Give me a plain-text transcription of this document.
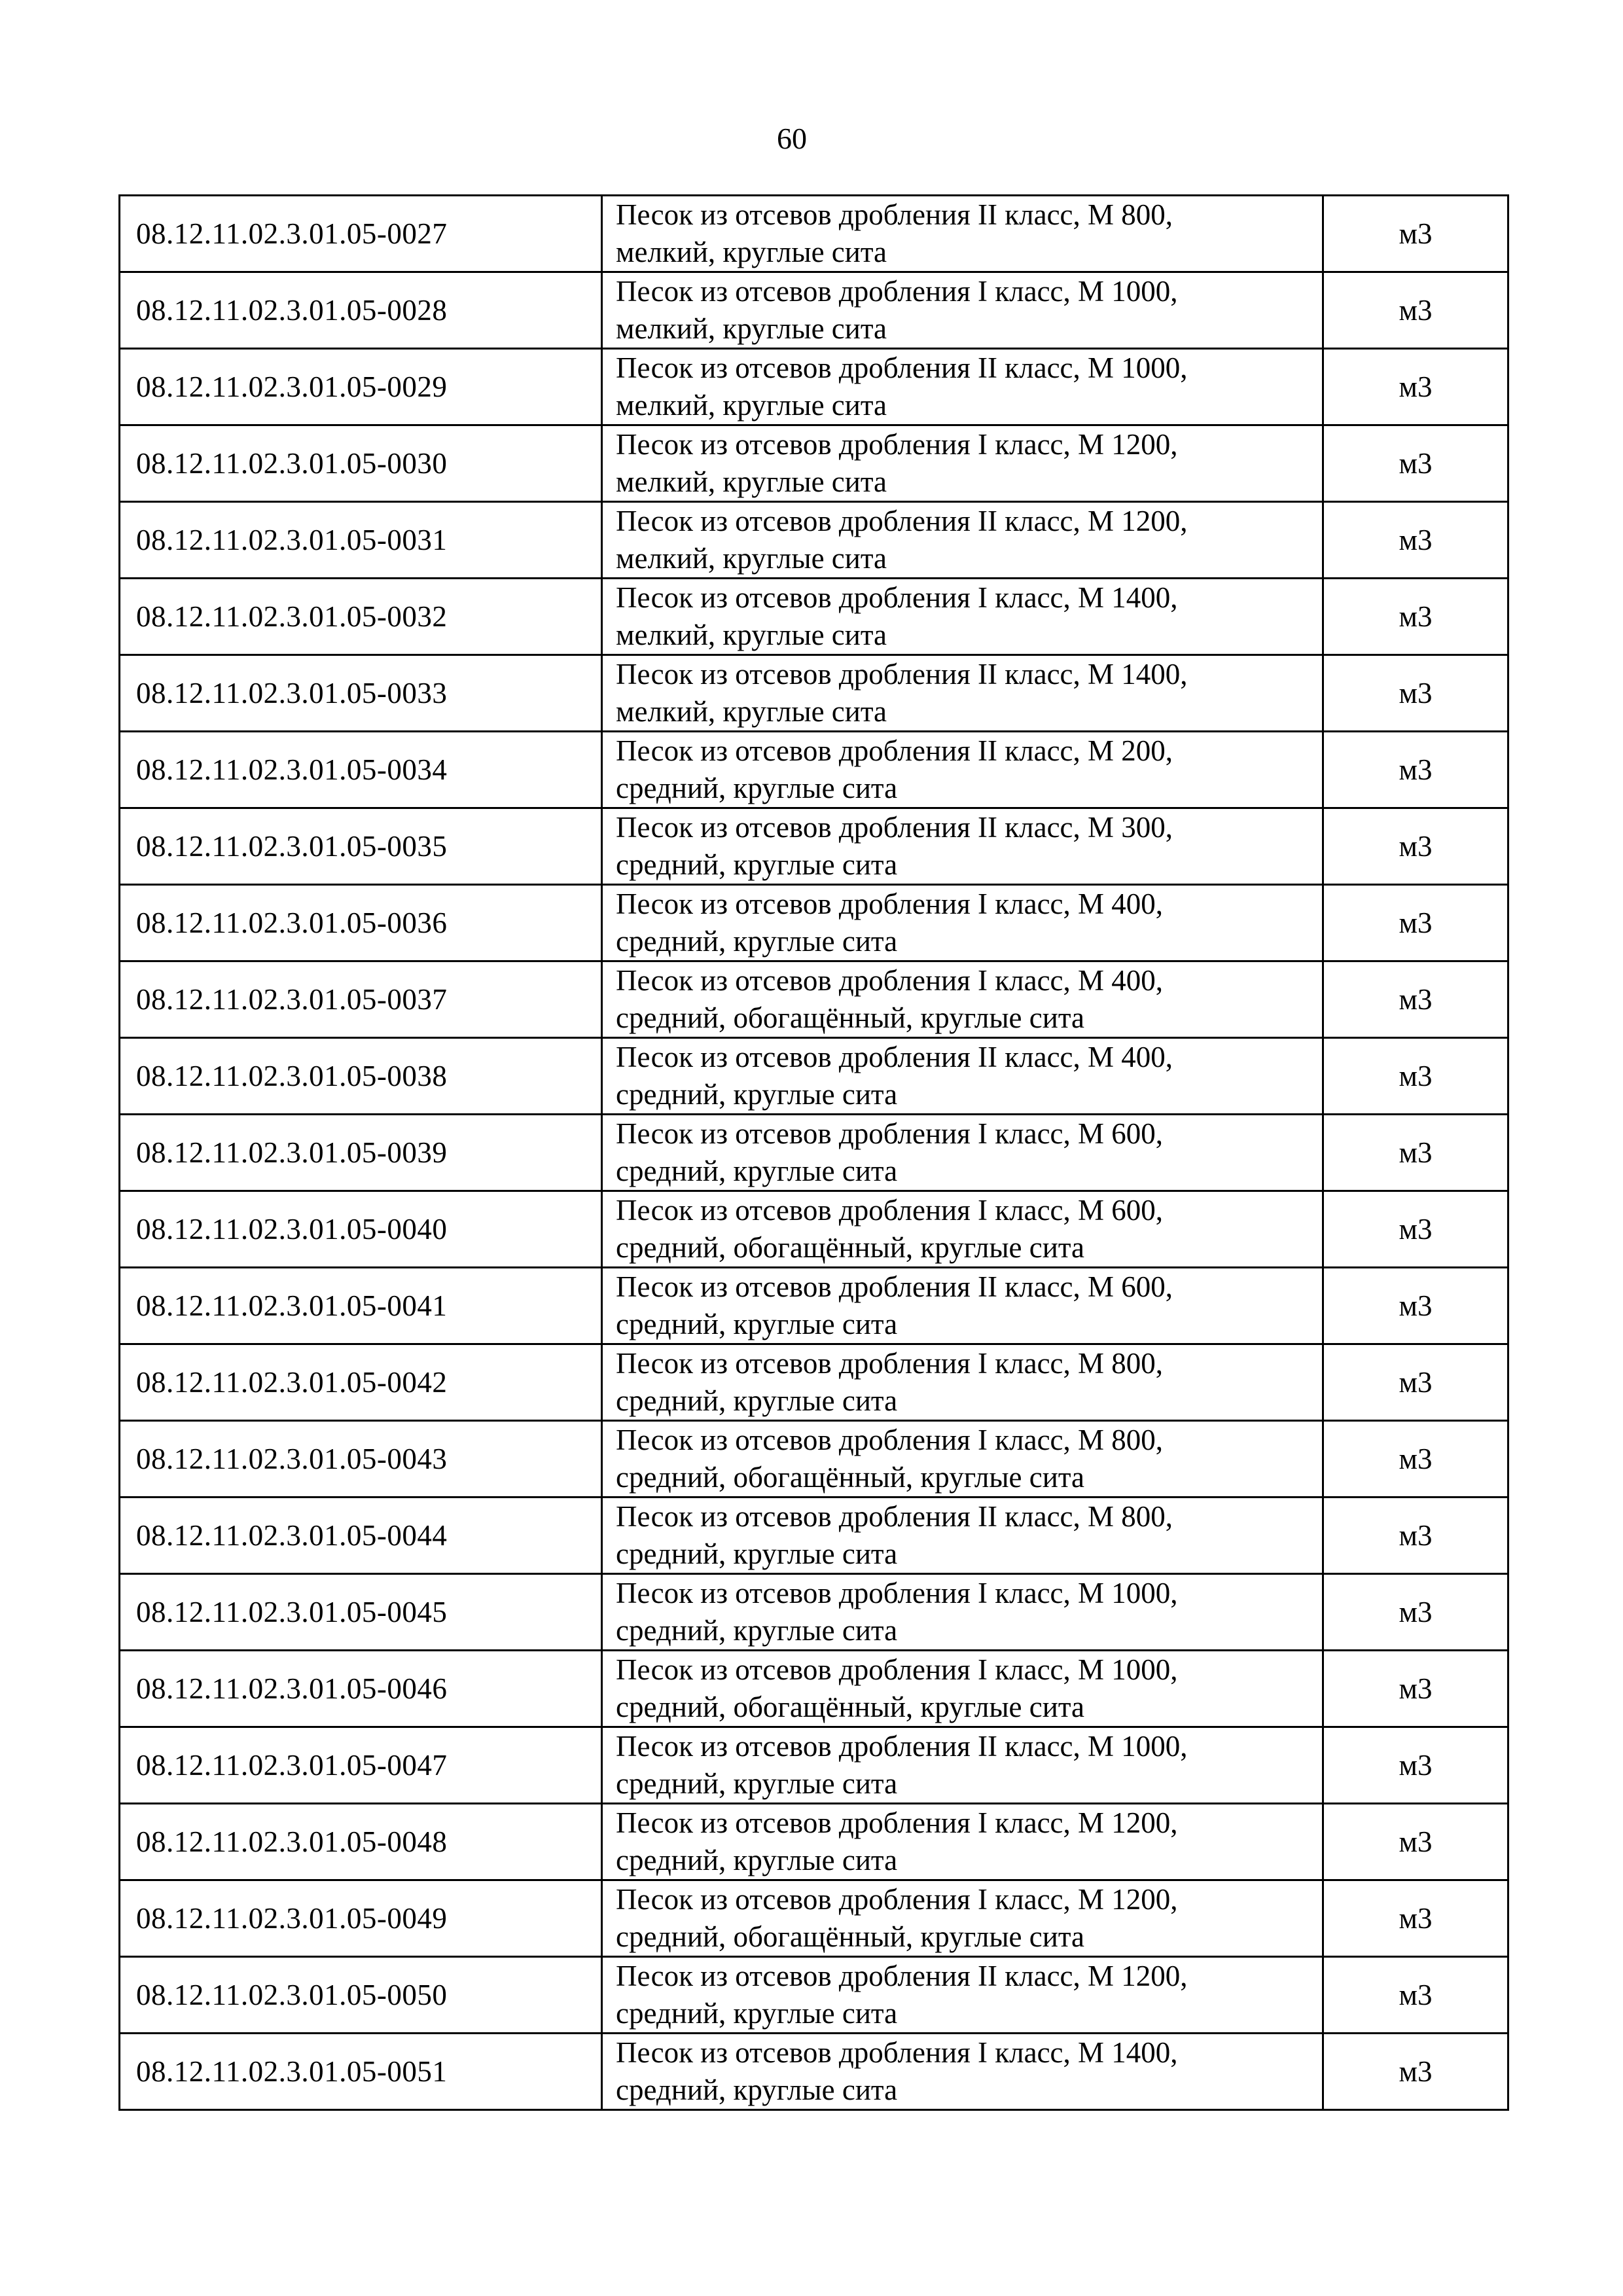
60
08.12.11.02.3.01.05-0027	Песок из отсевов дробления II класс, М 800,
мелкий, круглые сита	м3
08.12.11.02.3.01.05-0028	Песок из отсевов дробления I класс, М 1000,
мелкий, круглые сита	м3
08.12.11.02.3.01.05-0029	Песок из отсевов дробления II класс, М 1000,
мелкий, круглые сита	м3
08.12.11.02.3.01.05-0030	Песок из отсевов дробления I класс, М 1200,
мелкий, круглые сита	м3
08.12.11.02.3.01.05-0031	Песок из отсевов дробления II класс, М 1200,
мелкий, круглые сита	м3
08.12.11.02.3.01.05-0032	Песок из отсевов дробления I класс, М 1400,
мелкий, круглые сита	м3
08.12.11.02.3.01.05-0033	Песок из отсевов дробления II класс, М 1400,
мелкий, круглые сита	м3
08.12.11.02.3.01.05-0034	Песок из отсевов дробления II класс, М 200,
средний, круглые сита	м3
08.12.11.02.3.01.05-0035	Песок из отсевов дробления II класс, М 300,
средний, круглые сита	м3
08.12.11.02.3.01.05-0036	Песок из отсевов дробления I класс, М 400,
средний, круглые сита	м3
08.12.11.02.3.01.05-0037	Песок из отсевов дробления I класс, М 400,
средний, обогащённый, круглые сита	м3
08.12.11.02.3.01.05-0038	Песок из отсевов дробления II класс, М 400,
средний, круглые сита	м3
08.12.11.02.3.01.05-0039	Песок из отсевов дробления I класс, М 600,
средний, круглые сита	м3
08.12.11.02.3.01.05-0040	Песок из отсевов дробления I класс, М 600,
средний, обогащённый, круглые сита	м3
08.12.11.02.3.01.05-0041	Песок из отсевов дробления II класс, М 600,
средний, круглые сита	м3
08.12.11.02.3.01.05-0042	Песок из отсевов дробления I класс, М 800,
средний, круглые сита	м3
08.12.11.02.3.01.05-0043	Песок из отсевов дробления I класс, М 800,
средний, обогащённый, круглые сита	м3
08.12.11.02.3.01.05-0044	Песок из отсевов дробления II класс, М 800,
средний, круглые сита	м3
08.12.11.02.3.01.05-0045	Песок из отсевов дробления I класс, М 1000,
средний, круглые сита	м3
08.12.11.02.3.01.05-0046	Песок из отсевов дробления I класс, М 1000,
средний, обогащённый, круглые сита	м3
08.12.11.02.3.01.05-0047	Песок из отсевов дробления II класс, М 1000,
средний, круглые сита	м3
08.12.11.02.3.01.05-0048	Песок из отсевов дробления I класс, М 1200,
средний, круглые сита	м3
08.12.11.02.3.01.05-0049	Песок из отсевов дробления I класс, М 1200,
средний, обогащённый, круглые сита	м3
08.12.11.02.3.01.05-0050	Песок из отсевов дробления II класс, М 1200,
средний, круглые сита	м3
08.12.11.02.3.01.05-0051	Песок из отсевов дробления I класс, М 1400,
средний, круглые сита	м3
